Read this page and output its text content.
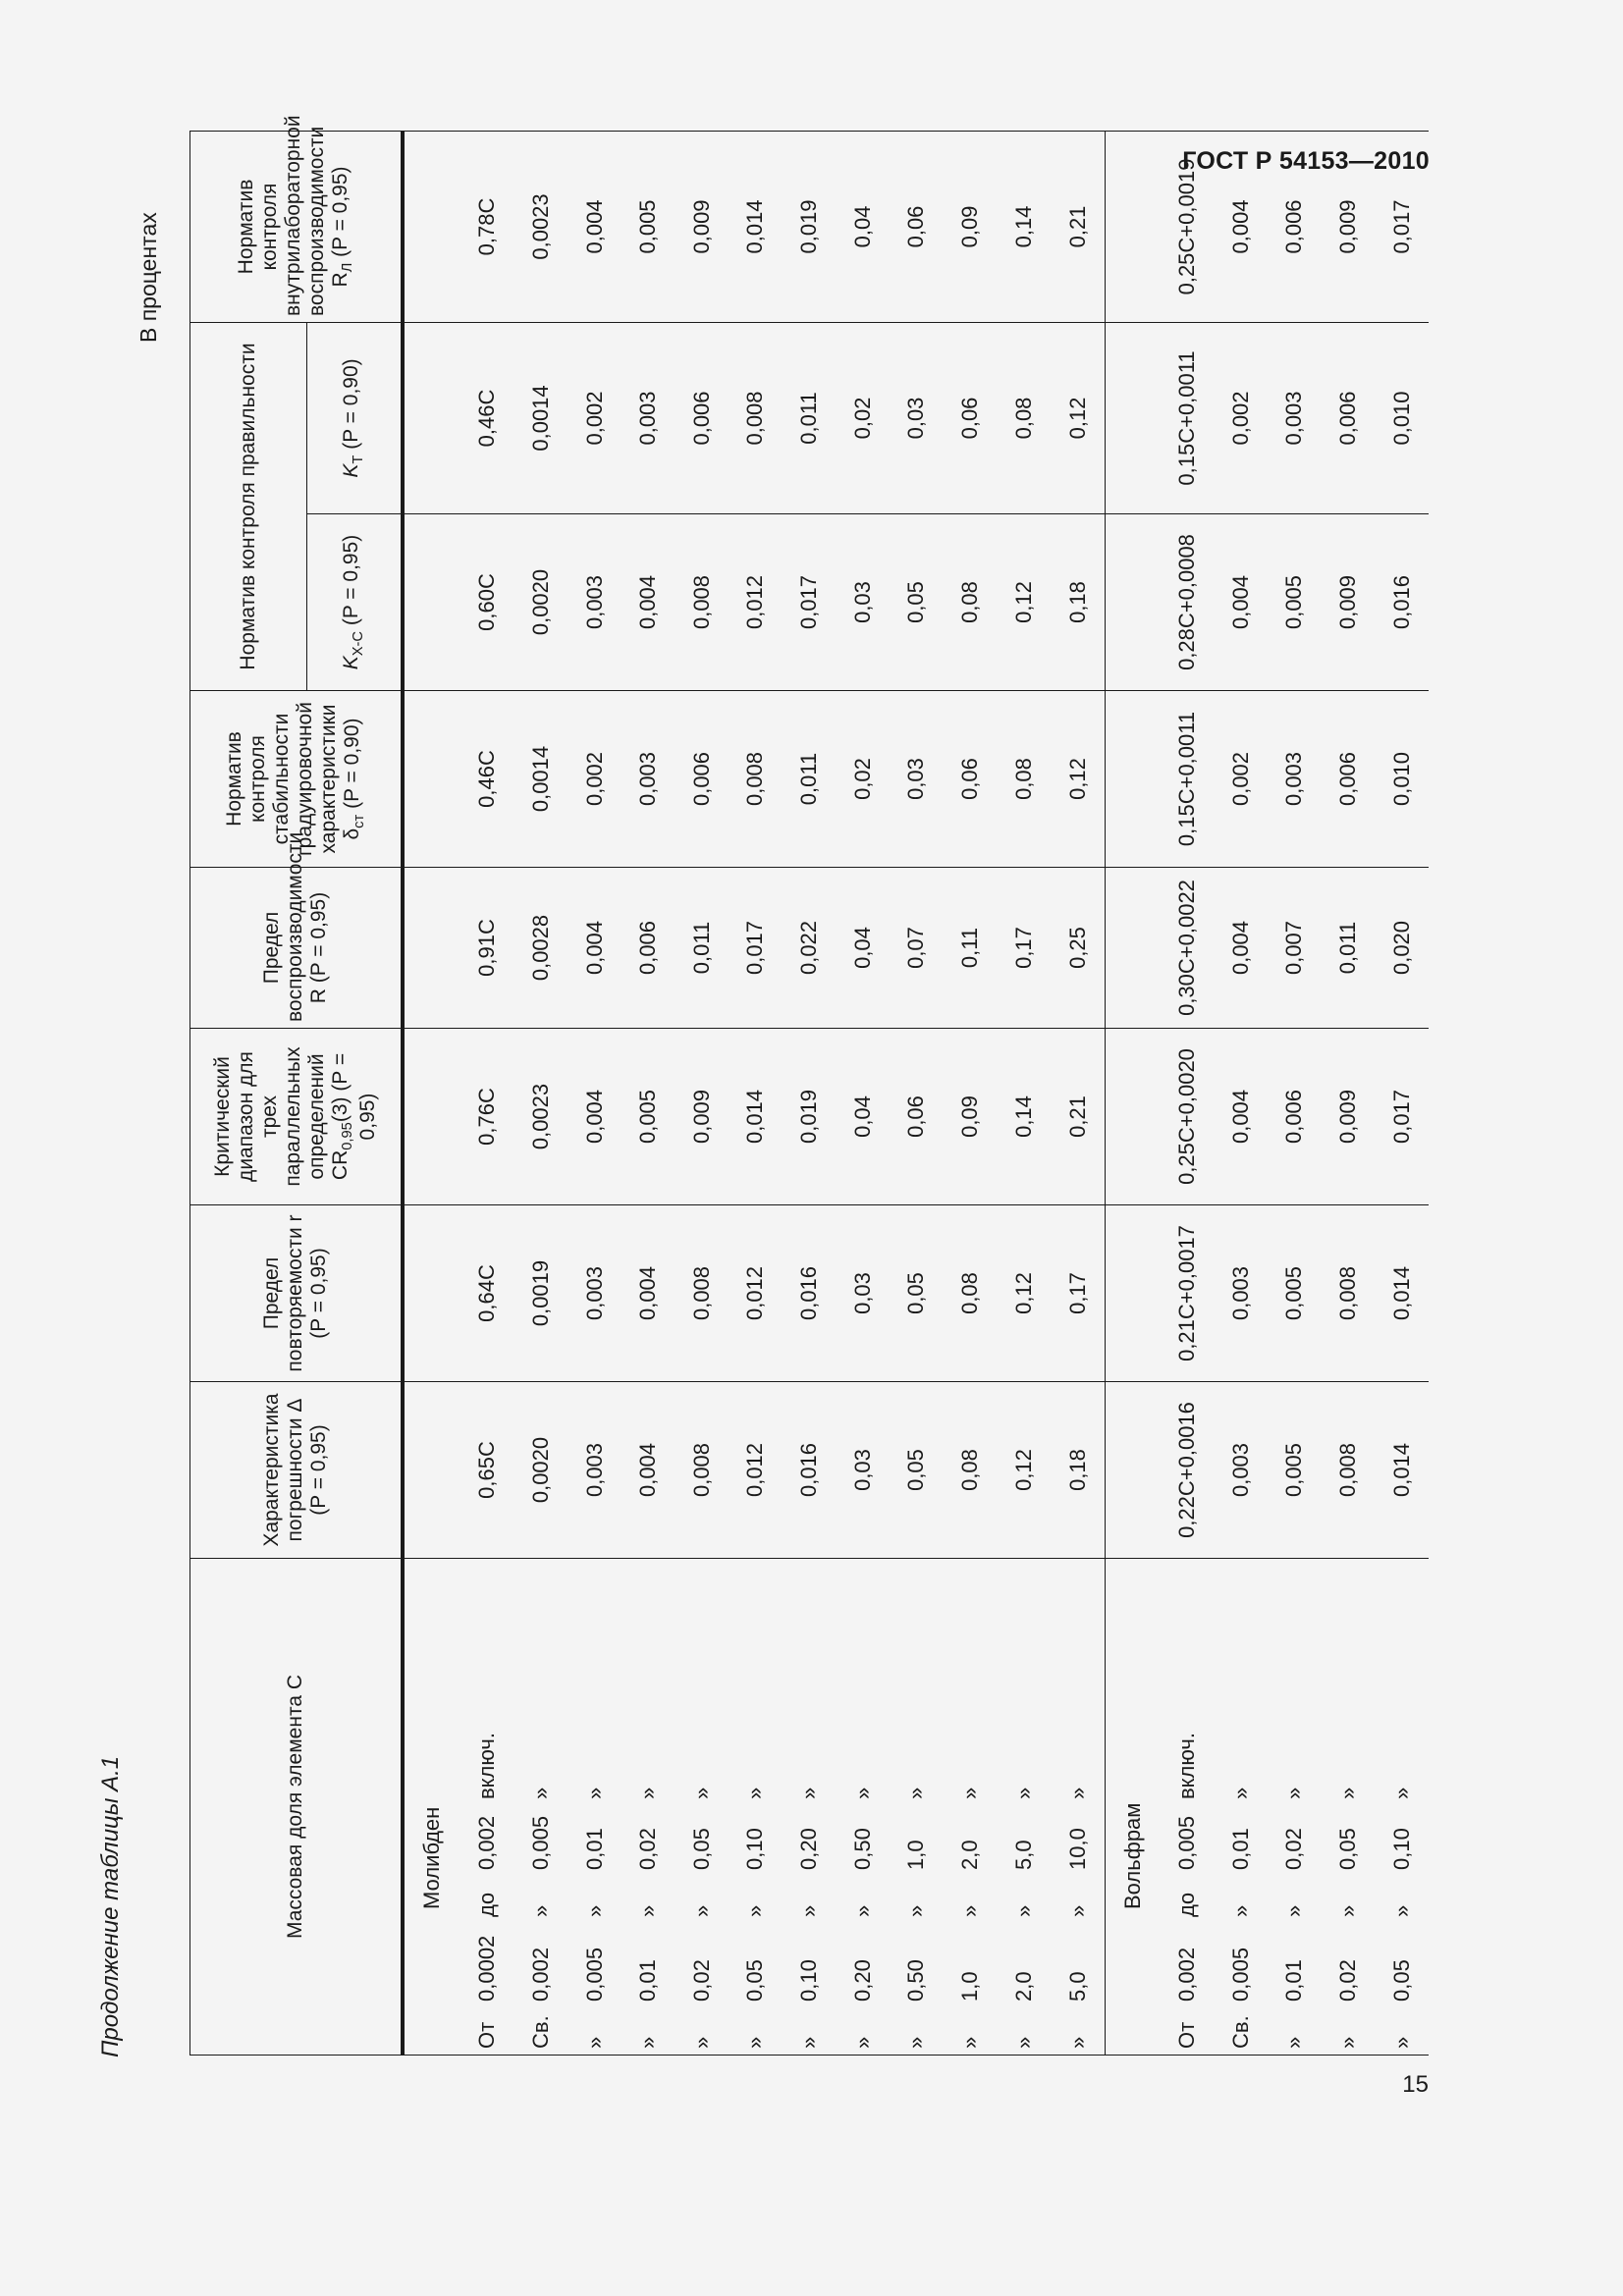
ГОСТ Р 54153—2010
15
Продолжение таблицы А.1
В процентах
Массовая доля элемента C	Характеристика погрешности Δ (P = 0,95)	Предел повторяемости r (P = 0,95)	Критический диапазон для трех параллельных определений $CR_{0,95}(3) (P = 0,95)$	Предел воспроизводимости R (P = 0,95)	Норматив контроля стабильности градуировочной характеристики $\delta_{ст}$ (P = 0,90)	Норматив контроля правильности		Норматив контроля внутрилабораторной воспроизводимости $R_Л$ (P = 0,95)
						$K_{Х-С}$ (P = 0,95)	$K_Т$ (P = 0,90)	
Молибден								
От0,0002до0,002включ.	0,65C	0,64C	0,76C	0,91C	0,46C	0,60C	0,46C	0,78C
Св.0,002»0,005»	0,0020	0,0019	0,0023	0,0028	0,0014	0,0020	0,0014	0,0023
»0,005»0,01»	0,003	0,003	0,004	0,004	0,002	0,003	0,002	0,004
»0,01»0,02»	0,004	0,004	0,005	0,006	0,003	0,004	0,003	0,005
»0,02»0,05»	0,008	0,008	0,009	0,011	0,006	0,008	0,006	0,009
»0,05»0,10»	0,012	0,012	0,014	0,017	0,008	0,012	0,008	0,014
»0,10»0,20»	0,016	0,016	0,019	0,022	0,011	0,017	0,011	0,019
»0,20»0,50»	0,03	0,03	0,04	0,04	0,02	0,03	0,02	0,04
»0,50»1,0»	0,05	0,05	0,06	0,07	0,03	0,05	0,03	0,06
»1,0»2,0»	0,08	0,08	0,09	0,11	0,06	0,08	0,06	0,09
»2,0»5,0»	0,12	0,12	0,14	0,17	0,08	0,12	0,08	0,14
»5,0»10,0»	0,18	0,17	0,21	0,25	0,12	0,18	0,12	0,21
Вольфрам								
От0,002до0,005включ.	0,22C+0,0016	0,21C+0,0017	0,25C+0,0020	0,30C+0,0022	0,15C+0,0011	0,28C+0,0008	0,15C+0,0011	0,25C+0,0019
Св.0,005»0,01»	0,003	0,003	0,004	0,004	0,002	0,004	0,002	0,004
»0,01»0,02»	0,005	0,005	0,006	0,007	0,003	0,005	0,003	0,006
»0,02»0,05»	0,008	0,008	0,009	0,011	0,006	0,009	0,006	0,009
»0,05»0,10»	0,014	0,014	0,017	0,020	0,010	0,016	0,010	0,017
